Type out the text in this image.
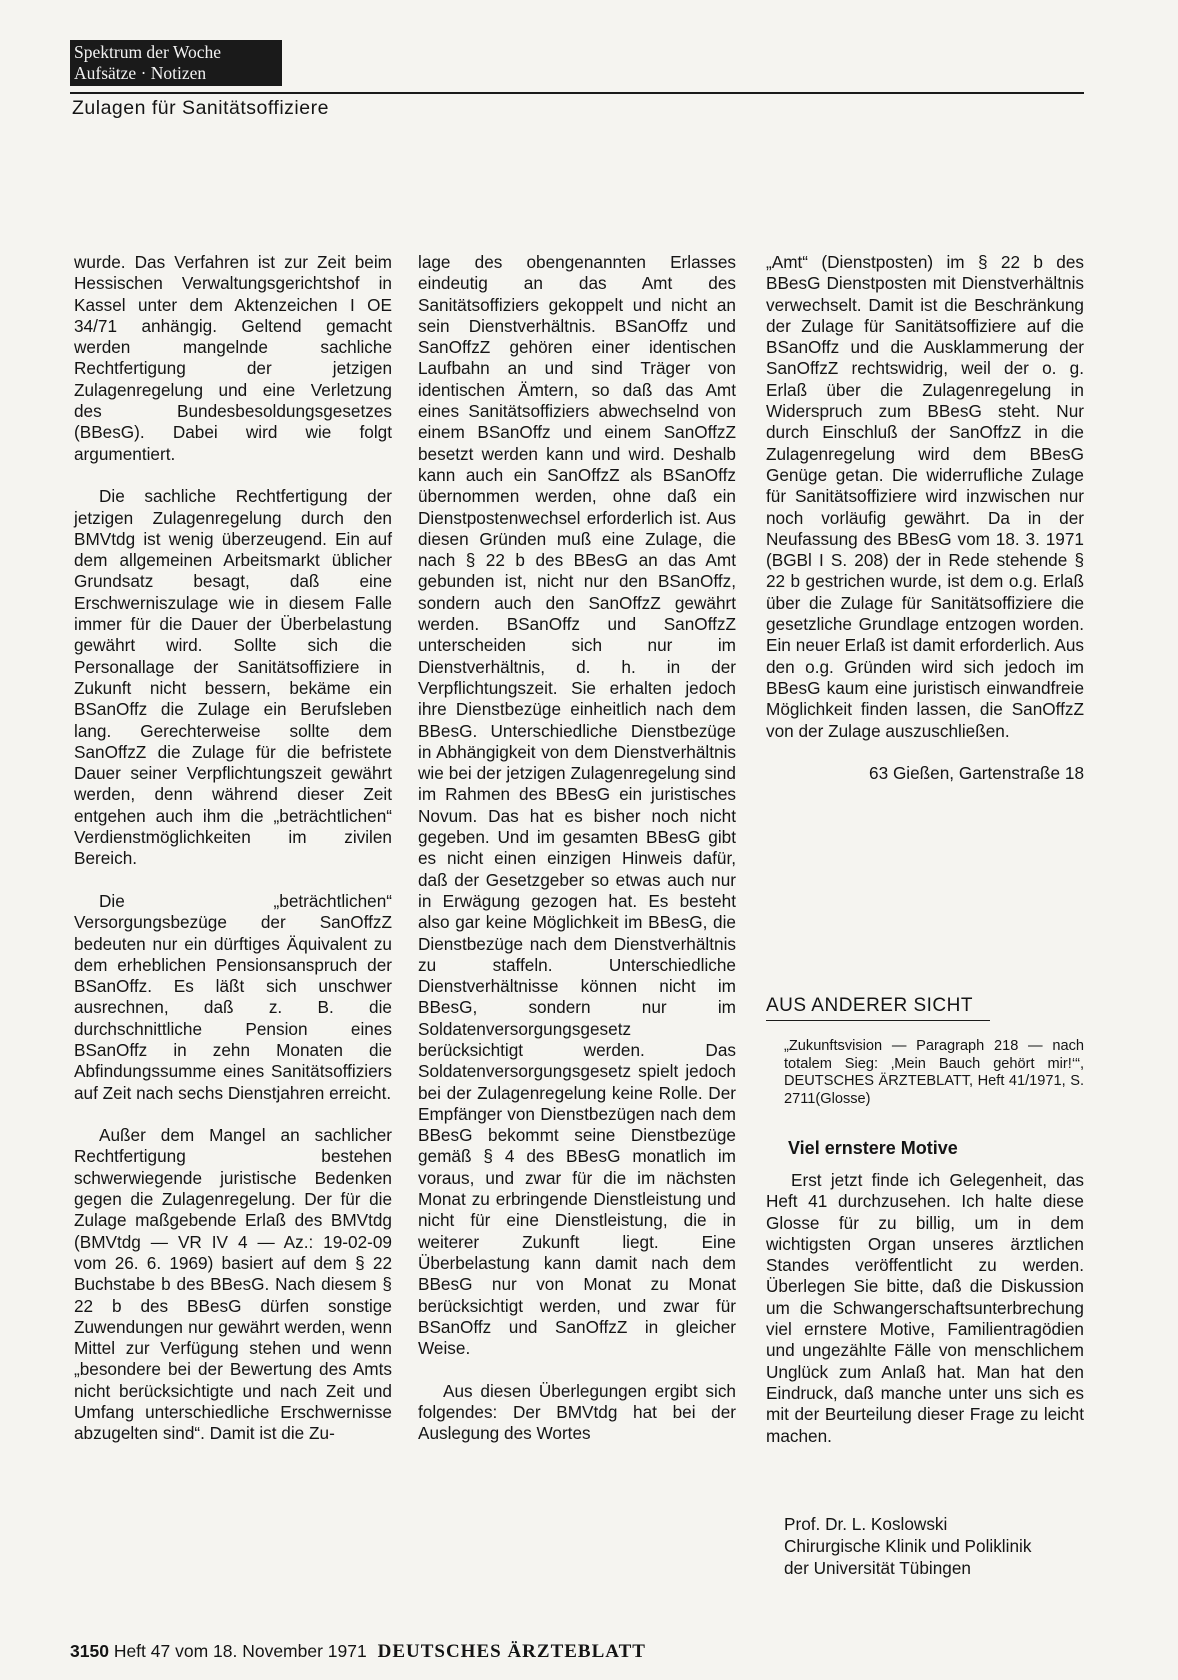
Spektrum der Woche
Aufsätze · Notizen
Zulagen für Sanitätsoffiziere

wurde. Das Verfahren ist zur Zeit beim Hessischen Verwaltungsgerichtshof in Kassel unter dem Aktenzeichen I OE 34/71 anhängig. Geltend gemacht werden mangelnde sachliche Rechtfertigung der jetzigen Zulagenregelung und eine Verletzung des Bundesbesoldungsgesetzes (BBesG). Dabei wird wie folgt argumentiert.

Die sachliche Rechtfertigung der jetzigen Zulagenregelung durch den BMVtdg ist wenig überzeugend. Ein auf dem allgemeinen Arbeitsmarkt üblicher Grundsatz besagt, daß eine Erschwerniszulage wie in diesem Falle immer für die Dauer der Überbelastung gewährt wird. Sollte sich die Personallage der Sanitätsoffiziere in Zukunft nicht bessern, bekäme ein BSanOffz die Zulage ein Berufsleben lang. Gerechterweise sollte dem SanOffzZ die Zulage für die befristete Dauer seiner Verpflichtungszeit gewährt werden, denn während dieser Zeit entgehen auch ihm die „beträchtlichen“ Verdienstmöglichkeiten im zivilen Bereich.

Die „beträchtlichen“ Versorgungsbezüge der SanOffzZ bedeuten nur ein dürftiges Äquivalent zu dem erheblichen Pensionsanspruch der BSanOffz. Es läßt sich unschwer ausrechnen, daß z. B. die durchschnittliche Pension eines BSanOffz in zehn Monaten die Abfindungssumme eines Sanitätsoffiziers auf Zeit nach sechs Dienstjahren erreicht.

Außer dem Mangel an sachlicher Rechtfertigung bestehen schwerwiegende juristische Bedenken gegen die Zulagenregelung. Der für die Zulage maßgebende Erlaß des BMVtdg (BMVtdg — VR IV 4 — Az.: 19-02-09 vom 26. 6. 1969) basiert auf dem § 22 Buchstabe b des BBesG. Nach diesem § 22 b des BBesG dürfen sonstige Zuwendungen nur gewährt werden, wenn Mittel zur Verfügung stehen und wenn „besondere bei der Bewertung des Amts nicht berücksichtigte und nach Zeit und Umfang unterschiedliche Erschwernisse abzugelten sind“. Damit ist die Zu-

lage des obengenannten Erlasses eindeutig an das Amt des Sanitätsoffiziers gekoppelt und nicht an sein Dienstverhältnis. BSanOffz und SanOffzZ gehören einer identischen Laufbahn an und sind Träger von identischen Ämtern, so daß das Amt eines Sanitätsoffiziers abwechselnd von einem BSanOffz und einem SanOffzZ besetzt werden kann und wird. Deshalb kann auch ein SanOffzZ als BSanOffz übernommen werden, ohne daß ein Dienstpostenwechsel erforderlich ist. Aus diesen Gründen muß eine Zulage, die nach § 22 b des BBesG an das Amt gebunden ist, nicht nur den BSanOffz, sondern auch den SanOffzZ gewährt werden. BSanOffz und SanOffzZ unterscheiden sich nur im Dienstverhältnis, d. h. in der Verpflichtungszeit. Sie erhalten jedoch ihre Dienstbezüge einheitlich nach dem BBesG. Unterschiedliche Dienstbezüge in Abhängigkeit von dem Dienstverhältnis wie bei der jetzigen Zulagenregelung sind im Rahmen des BBesG ein juristisches Novum. Das hat es bisher noch nicht gegeben. Und im gesamten BBesG gibt es nicht einen einzigen Hinweis dafür, daß der Gesetzgeber so etwas auch nur in Erwägung gezogen hat. Es besteht also gar keine Möglichkeit im BBesG, die Dienstbezüge nach dem Dienstverhältnis zu staffeln. Unterschiedliche Dienstverhältnisse können nicht im BBesG, sondern nur im Soldatenversorgungsgesetz berücksichtigt werden. Das Soldatenversorgungsgesetz spielt jedoch bei der Zulagenregelung keine Rolle. Der Empfänger von Dienstbezügen nach dem BBesG bekommt seine Dienstbezüge gemäß § 4 des BBesG monatlich im voraus, und zwar für die im nächsten Monat zu erbringende Dienstleistung und nicht für eine Dienstleistung, die in weiterer Zukunft liegt. Eine Überbelastung kann damit nach dem BBesG nur von Monat zu Monat berücksichtigt werden, und zwar für BSanOffz und SanOffzZ in gleicher Weise.

Aus diesen Überlegungen ergibt sich folgendes: Der BMVtdg hat bei der Auslegung des Wortes

„Amt“ (Dienstposten) im § 22 b des BBesG Dienstposten mit Dienstverhältnis verwechselt. Damit ist die Beschränkung der Zulage für Sanitätsoffiziere auf die BSanOffz und die Ausklammerung der SanOffzZ rechtswidrig, weil der o. g. Erlaß über die Zulagenregelung in Widerspruch zum BBesG steht. Nur durch Einschluß der SanOffzZ in die Zulagenregelung wird dem BBesG Genüge getan. Die widerrufliche Zulage für Sanitätsoffiziere wird inzwischen nur noch vorläufig gewährt. Da in der Neufassung des BBesG vom 18. 3. 1971 (BGBl I S. 208) der in Rede stehende § 22 b gestrichen wurde, ist dem o.g. Erlaß über die Zulage für Sanitätsoffiziere die gesetzliche Grundlage entzogen worden. Ein neuer Erlaß ist damit erforderlich. Aus den o.g. Gründen wird sich jedoch im BBesG kaum eine juristisch einwandfreie Möglichkeit finden lassen, die SanOffzZ von der Zulage auszuschließen.

63 Gießen, Gartenstraße 18

AUS ANDERER SICHT
„Zukunftsvision — Paragraph 218 — nach totalem Sieg: ‚Mein Bauch gehört mir!‘“, DEUTSCHES ÄRZTEBLATT, Heft 41/1971, S. 2711(Glosse)
Viel ernstere Motive

Erst jetzt finde ich Gelegenheit, das Heft 41 durchzusehen. Ich halte diese Glosse für zu billig, um in dem wichtigsten Organ unseres ärztlichen Standes veröffentlicht zu werden. Überlegen Sie bitte, daß die Diskussion um die Schwangerschaftsunterbrechung viel ernstere Motive, Familientragödien und ungezählte Fälle von menschlichem Unglück zum Anlaß hat. Man hat den Eindruck, daß manche unter uns sich es mit der Beurteilung dieser Frage zu leicht machen.

Prof. Dr. L. Koslowski
Chirurgische Klinik und Poliklinik
der Universität Tübingen
3150 Heft 47 vom 18. November 1971 DEUTSCHES ÄRZTEBLATT
